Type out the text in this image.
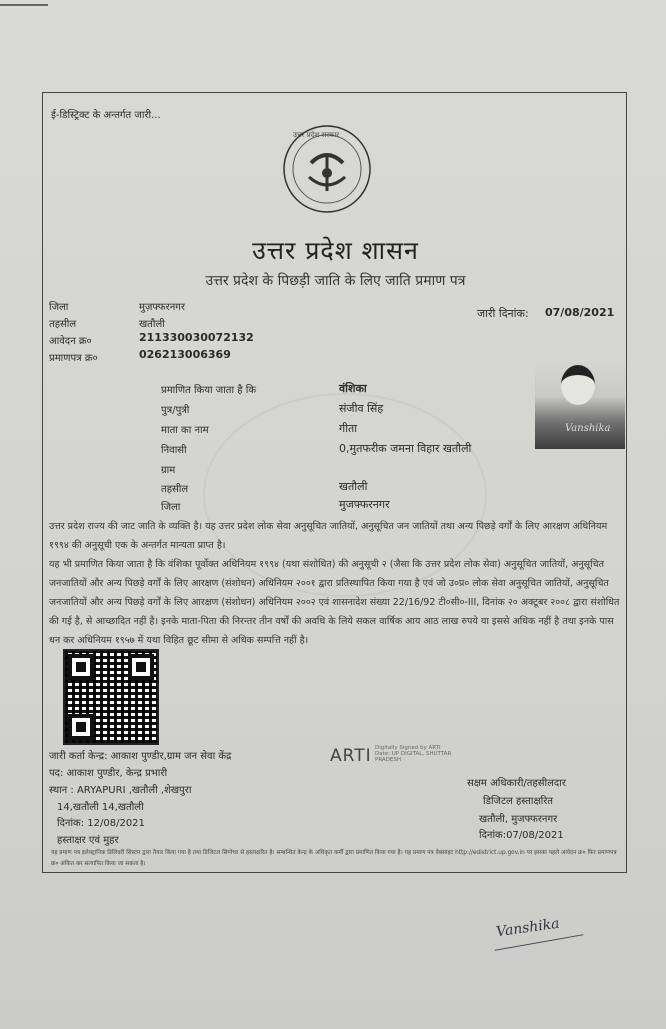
ई-डिस्ट्रिक्ट के अन्तर्गत जारी...
उत्तर प्रदेश सरकार
उत्तर प्रदेश शासन
उत्तर प्रदेश के पिछड़ी जाति के लिए जाति प्रमाण पत्र
जारी दिनांक: 07/08/2021
जिला	मुज़फ्फरनगर
तहसील	खतौली
आवेदन क्र०	211330030072132
प्रमाणपत्र क्र०	026213006369
प्रमाणित किया जाता है कि	वंशिका
पुत्र/पुत्री	संजीव सिंह
माता का नाम	गीता
निवासी	0,मुतफरीक जमना विहार खतौली
ग्राम
तहसील	खतौली
जिला	मुजफ्फरनगर
Vanshika
उत्तर प्रदेश राज्य की जाट जाति के व्यक्ति है। यह उत्तर प्रदेश लोक सेवा अनुसूचित जातियों, अनुसूचित जन जातियों तथा अन्य पिछड़े वर्गों के लिए आरक्षण अधिनियम १९९४ की अनुसूची एक के अन्तर्गत मान्यता प्राप्त है।
यह भी प्रमाणित किया जाता है कि वंशिका पूर्वोक्त अधिनियम १९९४ (यथा संशोधित) की अनुसूची २ (जैसा कि उत्तर प्रदेश लोक सेवा) अनुसूचित जातियों, अनुसूचित जनजातियों और अन्य पिछड़े वर्गों के लिए आरक्षण (संशोधन) अधिनियम २००१ द्वारा प्रतिस्थापित किया गया है एवं जो उ०प्र० लोक सेवा अनुसूचित जातियों, अनुसूचित जनजातियों और अन्य पिछड़े वर्गों के लिए आरक्षण (संशोधन) अधिनियम २००२ एवं शासनादेश संख्या 22/16/92 टी०सी०-III, दिनांक २० अक्टूबर २००८ द्वारा संशोधित की गई है, से आच्छादित नहीं है। इनके माता-पिता की निरन्तर तीन वर्षों की अवधि के लिये सकल वार्षिक आय आठ लाख रुपये या इससे अधिक नहीं है तथा इनके पास धन कर अधिनियम १९५७ में यथा विहित छूट सीमा से अधिक सम्पत्ति नहीं है।
जारी कर्ता केन्द्र: आकाश पुण्डीर,ग्राम जन सेवा केंद्र
पद: आकाश पुण्डीर, केन्द्र प्रभारी
स्थान : ARYAPURI ,खतौली ,शेखपुरा
14,खतौली 14,खतौली
दिनांक: 12/08/2021
हस्ताक्षर एवं मुहर
ARTI Digitally Signed by ARTI Date: UP DIGITAL, SHUTTAR PRADESH
सक्षम अधिकारी/तहसीलदार
डिजिटल हस्ताक्षरित
खतौली, मुजफ्फरनगर
दिनांक:07/08/2021
यह प्रमाण पत्र इलेक्ट्रानिक डिलिवरी सिस्टम द्वारा तैयार किया गया है तथा डिजिटल सिग्नेचर से हस्ताक्षरित है। सम्बन्धित केन्द्र के अधिकृत कर्मी द्वारा प्रमाणित किया गया है। यह प्रमाण पत्र वेबसाइट http://edistrict.up.gov.in पर इसका पहले आवेदन क्र० फिर प्रमाणपत्र क्र० अंकित कर सत्यापित किया जा सकता है।
Vanshika
